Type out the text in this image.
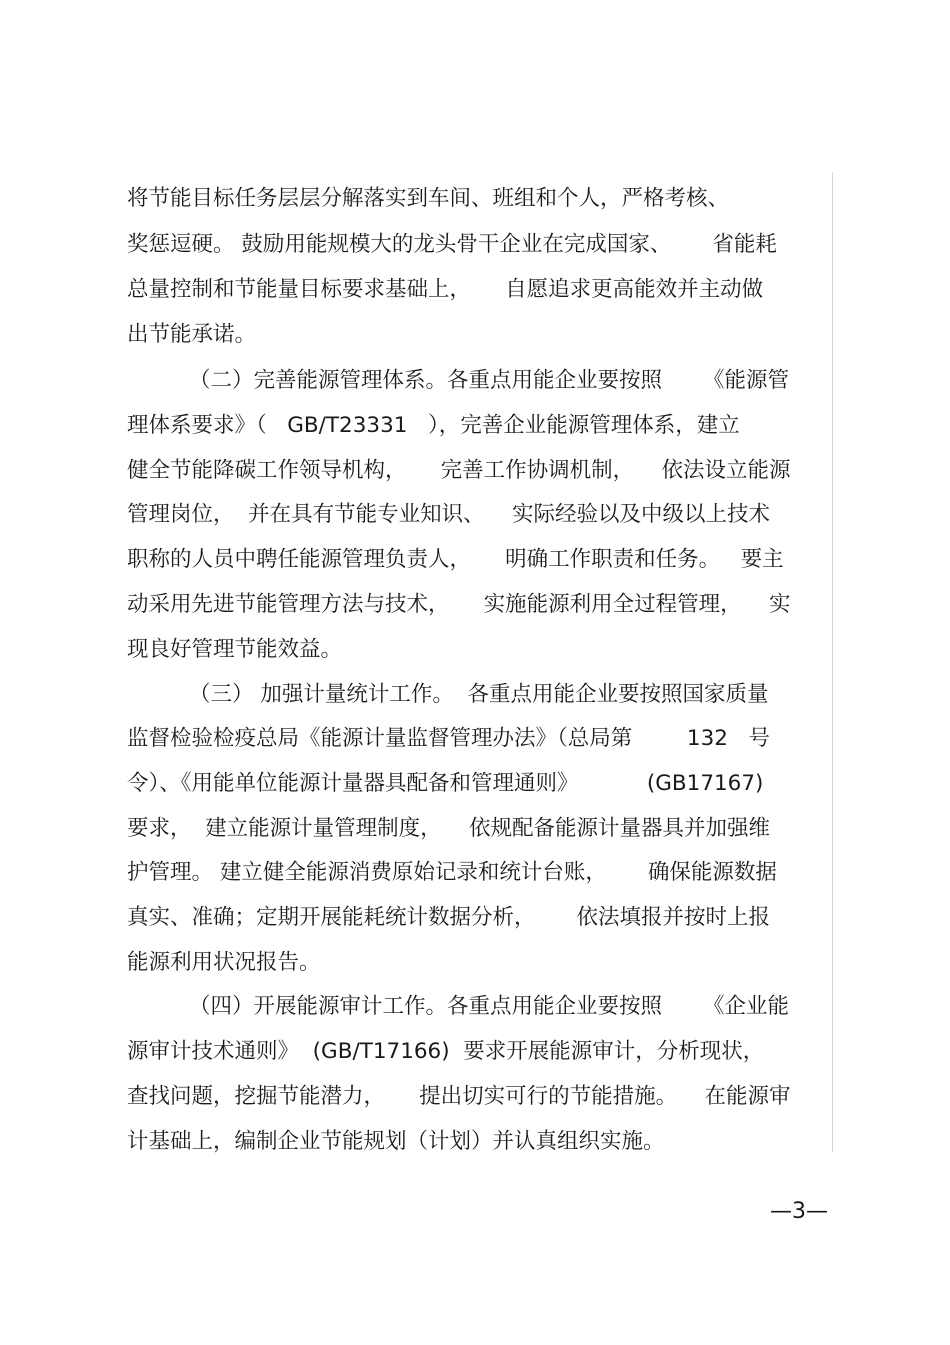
将节能目标任务层层分解落实到车间、班组和个人，严格考核、
奖惩逗硬。 鼓励用能规模大的龙头骨干企业在完成国家、      省能耗
总量控制和节能量目标要求基础上，     自愿追求更高能效并主动做
出节能承诺。
（二）完善能源管理体系。各重点用能企业要按照      《能源管
理体系要求》（   GB/T23331   ），完善企业能源管理体系，建立
健全节能降碳工作领导机构，     完善工作协调机制，    依法设立能源
管理岗位，  并在具有节能专业知识、    实际经验以及中级以上技术
职称的人员中聘任能源管理负责人，     明确工作职责和任务。   要主
动采用先进节能管理方法与技术，     实施能源利用全过程管理，    实
现良好管理节能效益。
（三） 加强计量统计工作。  各重点用能企业要按照国家质量
监督检验检疫总局《能源计量监督管理办法》（总局第        132   号
令）、《用能单位能源计量器具配备和管理通则》          (GB17167)
要求，  建立能源计量管理制度，    依规配备能源计量器具并加强维
护管理。 建立健全能源消费原始记录和统计台账，      确保能源数据
真实、准确；定期开展能耗统计数据分析，      依法填报并按时上报
能源利用状况报告。
（四）开展能源审计工作。各重点用能企业要按照      《企业能
源审计技术通则》  (GB/T17166)  要求开展能源审计，分析现状，
查找问题，挖掘节能潜力，     提出切实可行的节能措施。    在能源审
计基础上，编制企业节能规划（计划）并认真组织实施。
—3—
